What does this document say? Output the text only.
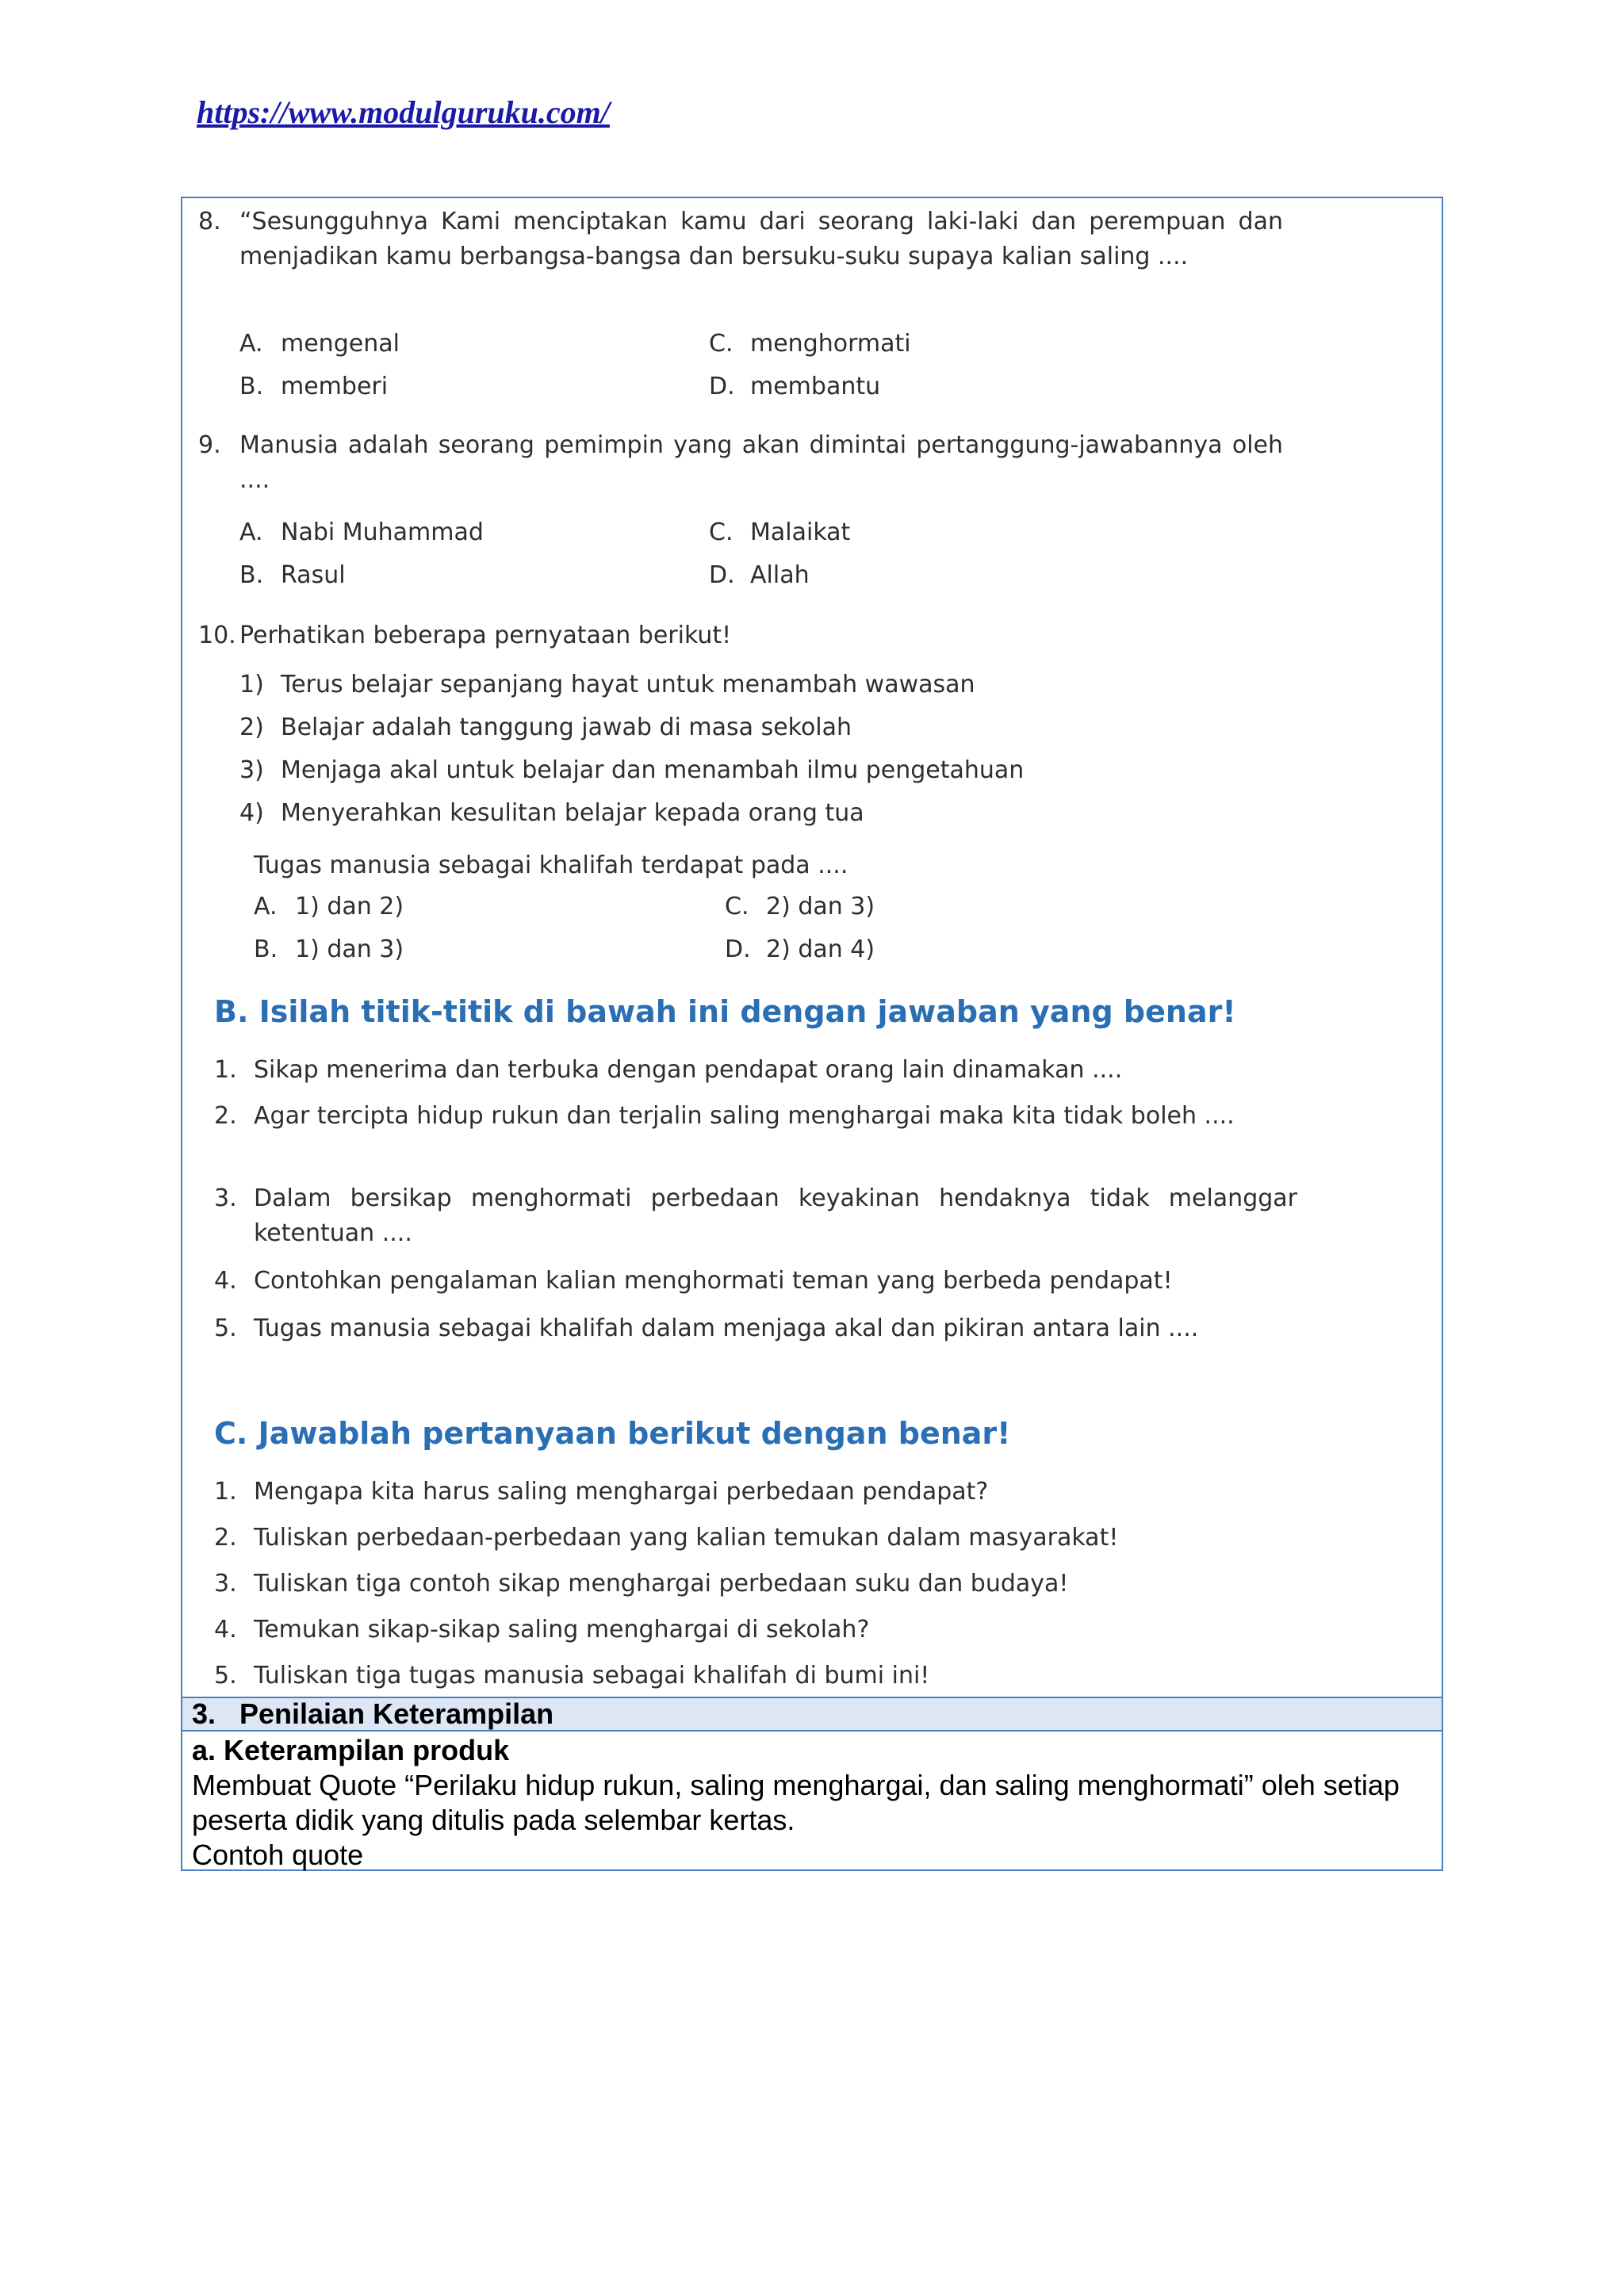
https://www.modulguruku.com/
8. “Sesungguhnya Kami menciptakan kamu dari seorang laki-laki dan perempuan dan menjadikan kamu berbangsa-bangsa dan bersuku-suku supaya kalian saling ....
A. mengenal
B. memberi
C. menghormati
D. membantu
9. Manusia adalah seorang pemimpin yang akan dimintai pertanggung-jawabannya oleh ....
A. Nabi Muhammad
B. Rasul
C. Malaikat
D. Allah
10. Perhatikan beberapa pernyataan berikut!
1) Terus belajar sepanjang hayat untuk menambah wawasan
2) Belajar adalah tanggung jawab di masa sekolah
3) Menjaga akal untuk belajar dan menambah ilmu pengetahuan
4) Menyerahkan kesulitan belajar kepada orang tua
Tugas manusia sebagai khalifah terdapat pada ....
A. 1) dan 2)
B. 1) dan 3)
C. 2) dan 3)
D. 2) dan 4)
B. Isilah titik-titik di bawah ini dengan jawaban yang benar!
1. Sikap menerima dan terbuka dengan pendapat orang lain dinamakan ....
2. Agar tercipta hidup rukun dan terjalin saling menghargai maka kita tidak boleh ....
3. Dalam bersikap menghormati perbedaan keyakinan hendaknya tidak melanggar ketentuan ....
4. Contohkan pengalaman kalian menghormati teman yang berbeda pendapat!
5. Tugas manusia sebagai khalifah dalam menjaga akal dan pikiran antara lain ....
C. Jawablah pertanyaan berikut dengan benar!
1. Mengapa kita harus saling menghargai perbedaan pendapat?
2. Tuliskan perbedaan-perbedaan yang kalian temukan dalam masyarakat!
3. Tuliskan tiga contoh sikap menghargai perbedaan suku dan budaya!
4. Temukan sikap-sikap saling menghargai di sekolah?
5. Tuliskan tiga tugas manusia sebagai khalifah di bumi ini!
3. Penilaian Keterampilan
a. Keterampilan produk
Membuat Quote “Perilaku hidup rukun, saling menghargai, dan saling menghormati” oleh setiap peserta didik yang ditulis pada selembar kertas.
Contoh quote
